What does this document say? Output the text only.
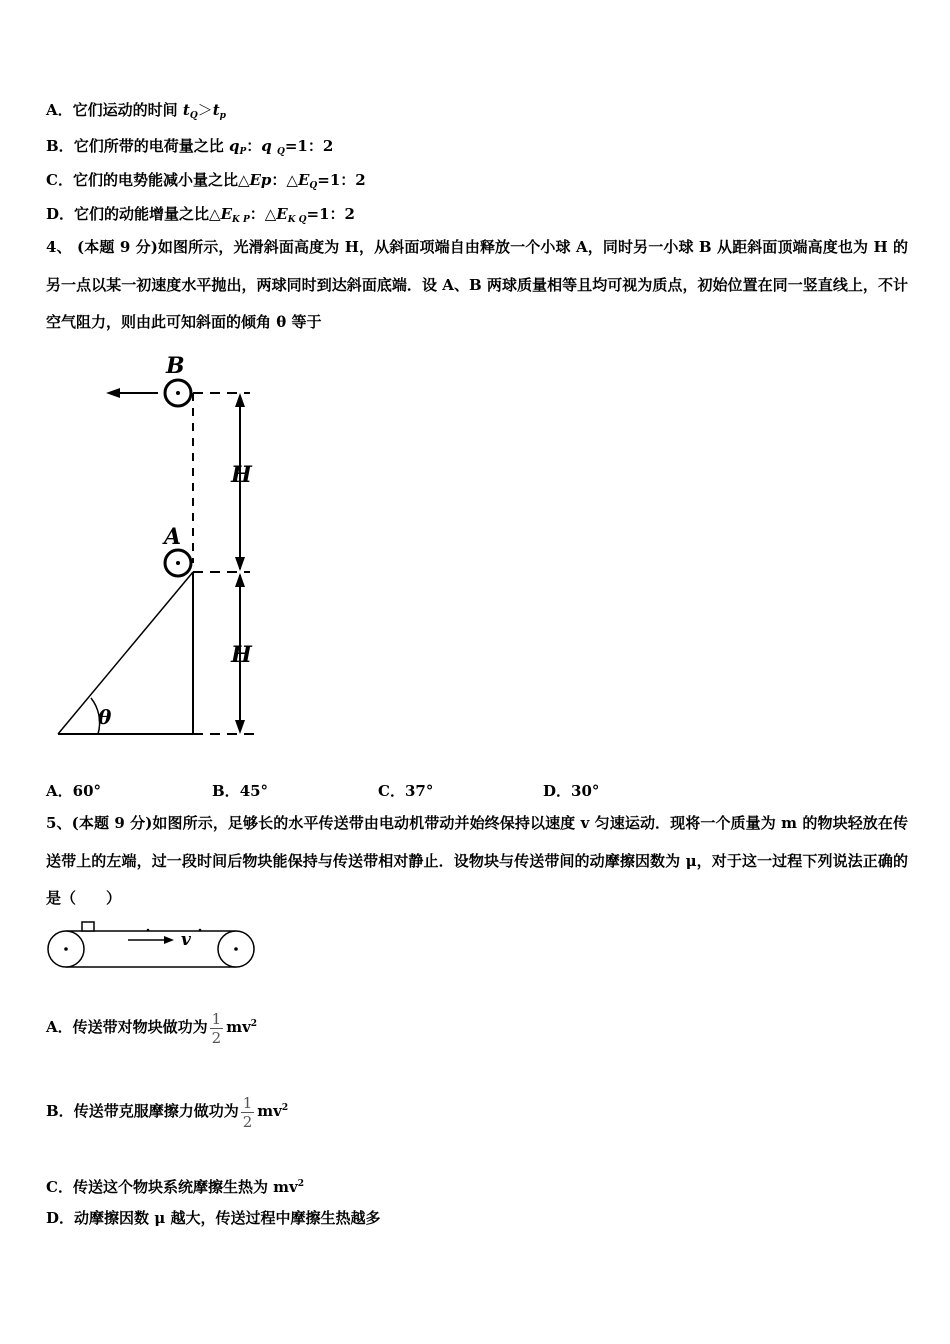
A．它们运动的时间 $t_Q>t_p$
B．它们所带的电荷量之比 $q_P$：q $_Q$=1：2
C．它们的电势能减小量之比△Ep：$\triangle E_Q=1$：2
D．它们的动能增量之比$\triangle E_{K P}$：$\triangle E_{K Q}=1$：2
4、 (本题 9 分)如图所示，光滑斜面高度为 H，从斜面项端自由释放一个小球 A，同时另一小球 B 从距斜面顶端高度也为 H 的另一点以某一初速度水平抛出，两球同时到达斜面底端．设 A、B 两球质量相等且均可视为质点，初始位置在同一竖直线上，不计空气阻力，则由此可知斜面的倾角 θ 等于
B
A
θ
H
H
A．60°	B．45°	C．37°	D．30°
5、(本题 9 分)如图所示，足够长的水平传送带由电动机带动并始终保持以速度 v 匀速运动．现将一个质量为 m 的物块轻放在传送带上的左端，过一段时间后物块能保持与传送带相对静止．设物块与传送带间的动摩擦因数为 μ，对于这一过程下列说法正确的是（　　）
v
A．传送带对物块做功为 $\frac{1}{2} mv^2$
B．传送带克服摩擦力做功为 $\frac{1}{2} mv^2$
C．传送这个物块系统摩擦生热为 $mv^2$
D．动摩擦因数 μ 越大，传送过程中摩擦生热越多
